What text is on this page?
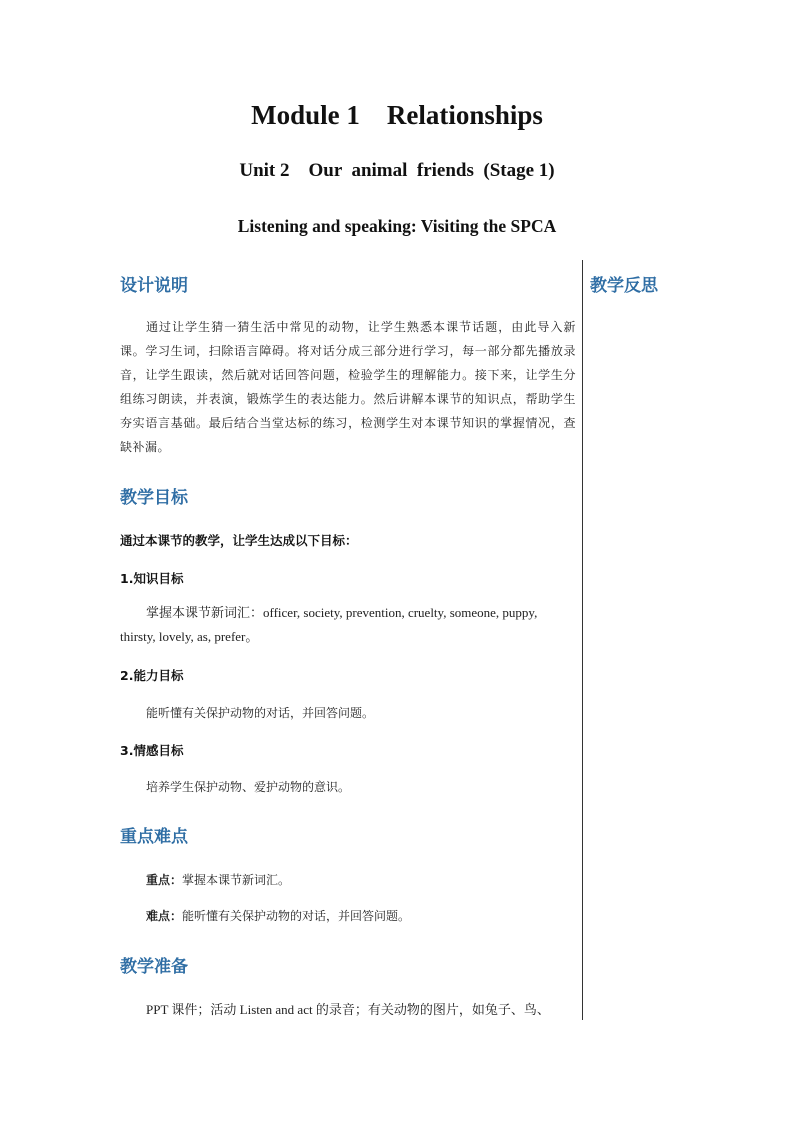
Module 1    Relationships
Unit 2    Our  animal  friends  (Stage 1)
Listening and speaking: Visiting the SPCA
设计说明	教学反思
通过让学生猜一猜生活中常见的动物，让学生熟悉本课节话题，由此导入新课。学习生词，扫除语言障碍。将对话分成三部分进行学习，每一部分都先播放录音，让学生跟读，然后就对话回答问题，检验学生的理解能力。接下来，让学生分组练习朗读，并表演，锻炼学生的表达能力。然后讲解本课节的知识点，帮助学生夯实语言基础。最后结合当堂达标的练习，检测学生对本课节知识的掌握情况，查缺补漏。
教学目标
通过本课节的教学，让学生达成以下目标：
1.知识目标
掌握本课节新词汇：officer, society, prevention, cruelty, someone, puppy,
thirsty, lovely, as, prefer。
2.能力目标
能听懂有关保护动物的对话，并回答问题。
3.情感目标
培养学生保护动物、爱护动物的意识。
重点难点
重点：掌握本课节新词汇。
难点：能听懂有关保护动物的对话，并回答问题。
教学准备
PPT 课件；活动 Listen and act 的录音；有关动物的图片，如兔子、鸟、
